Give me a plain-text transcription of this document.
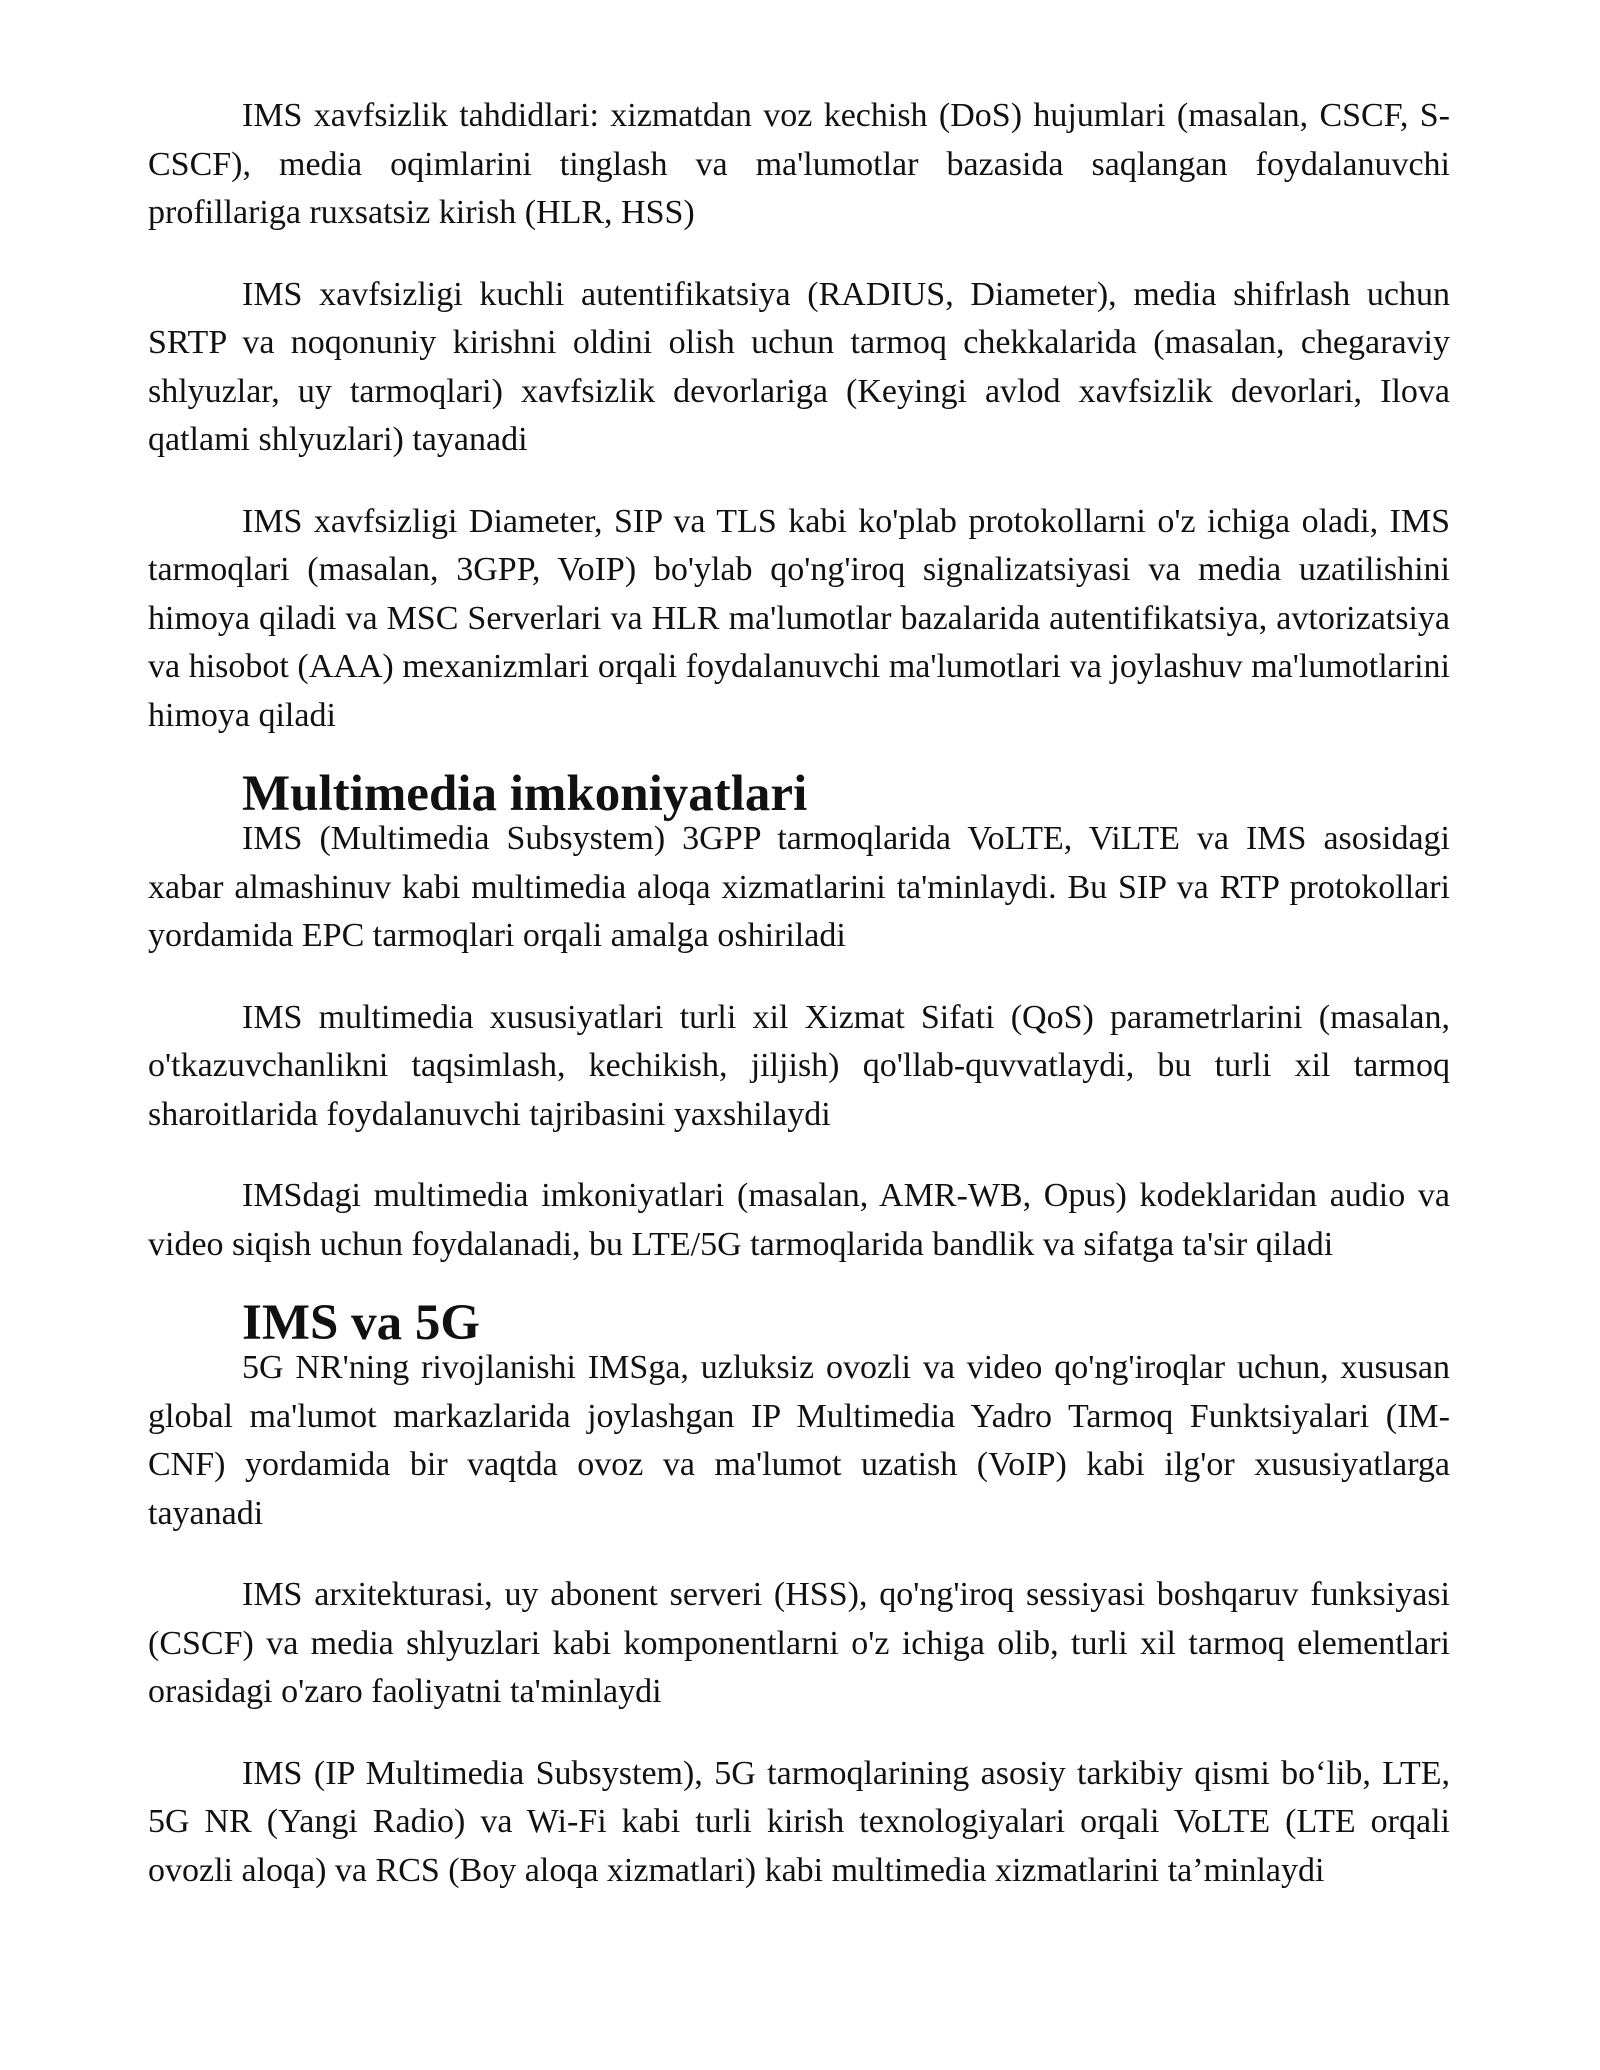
IMS xavfsizlik tahdidlari: xizmatdan voz kechish (DoS) hujumlari (masalan, CSCF, S-CSCF), media oqimlarini tinglash va ma'lumotlar bazasida saqlangan foydalanuvchi profillariga ruxsatsiz kirish (HLR, HSS)

IMS xavfsizligi kuchli autentifikatsiya (RADIUS, Diameter), media shifrlash uchun SRTP va noqonuniy kirishni oldini olish uchun tarmoq chekkalarida (masalan, chegaraviy shlyuzlar, uy tarmoqlari) xavfsizlik devorlariga (Keyingi avlod xavfsizlik devorlari, Ilova qatlami shlyuzlari) tayanadi

IMS xavfsizligi Diameter, SIP va TLS kabi ko'plab protokollarni o'z ichiga oladi, IMS tarmoqlari (masalan, 3GPP, VoIP) bo'ylab qo'ng'iroq signalizatsiyasi va media uzatilishini himoya qiladi va MSC Serverlari va HLR ma'lumotlar bazalarida autentifikatsiya, avtorizatsiya va hisobot (AAA) mexanizmlari orqali foydalanuvchi ma'lumotlari va joylashuv ma'lumotlarini himoya qiladi

Multimedia imkoniyatlari

IMS (Multimedia Subsystem) 3GPP tarmoqlarida VoLTE, ViLTE va IMS asosidagi xabar almashinuv kabi multimedia aloqa xizmatlarini ta'minlaydi. Bu SIP va RTP protokollari yordamida EPC tarmoqlari orqali amalga oshiriladi

IMS multimedia xususiyatlari turli xil Xizmat Sifati (QoS) parametrlarini (masalan, o'tkazuvchanlikni taqsimlash, kechikish, jiljish) qo'llab-quvvatlaydi, bu turli xil tarmoq sharoitlarida foydalanuvchi tajribasini yaxshilaydi

IMSdagi multimedia imkoniyatlari (masalan, AMR-WB, Opus) kodeklaridan audio va video siqish uchun foydalanadi, bu LTE/5G tarmoqlarida bandlik va sifatga ta'sir qiladi

IMS va 5G

5G NR'ning rivojlanishi IMSga, uzluksiz ovozli va video qo'ng'iroqlar uchun, xususan global ma'lumot markazlarida joylashgan IP Multimedia Yadro Tarmoq Funktsiyalari (IM-CNF) yordamida bir vaqtda ovoz va ma'lumot uzatish (VoIP) kabi ilg'or xususiyatlarga tayanadi

IMS arxitekturasi, uy abonent serveri (HSS), qo'ng'iroq sessiyasi boshqaruv funksiyasi (CSCF) va media shlyuzlari kabi komponentlarni o'z ichiga olib, turli xil tarmoq elementlari orasidagi o'zaro faoliyatni ta'minlaydi

IMS (IP Multimedia Subsystem), 5G tarmoqlarining asosiy tarkibiy qismi bo‘lib, LTE, 5G NR (Yangi Radio) va Wi-Fi kabi turli kirish texnologiyalari orqali VoLTE (LTE orqali ovozli aloqa) va RCS (Boy aloqa xizmatlari) kabi multimedia xizmatlarini ta’minlaydi
